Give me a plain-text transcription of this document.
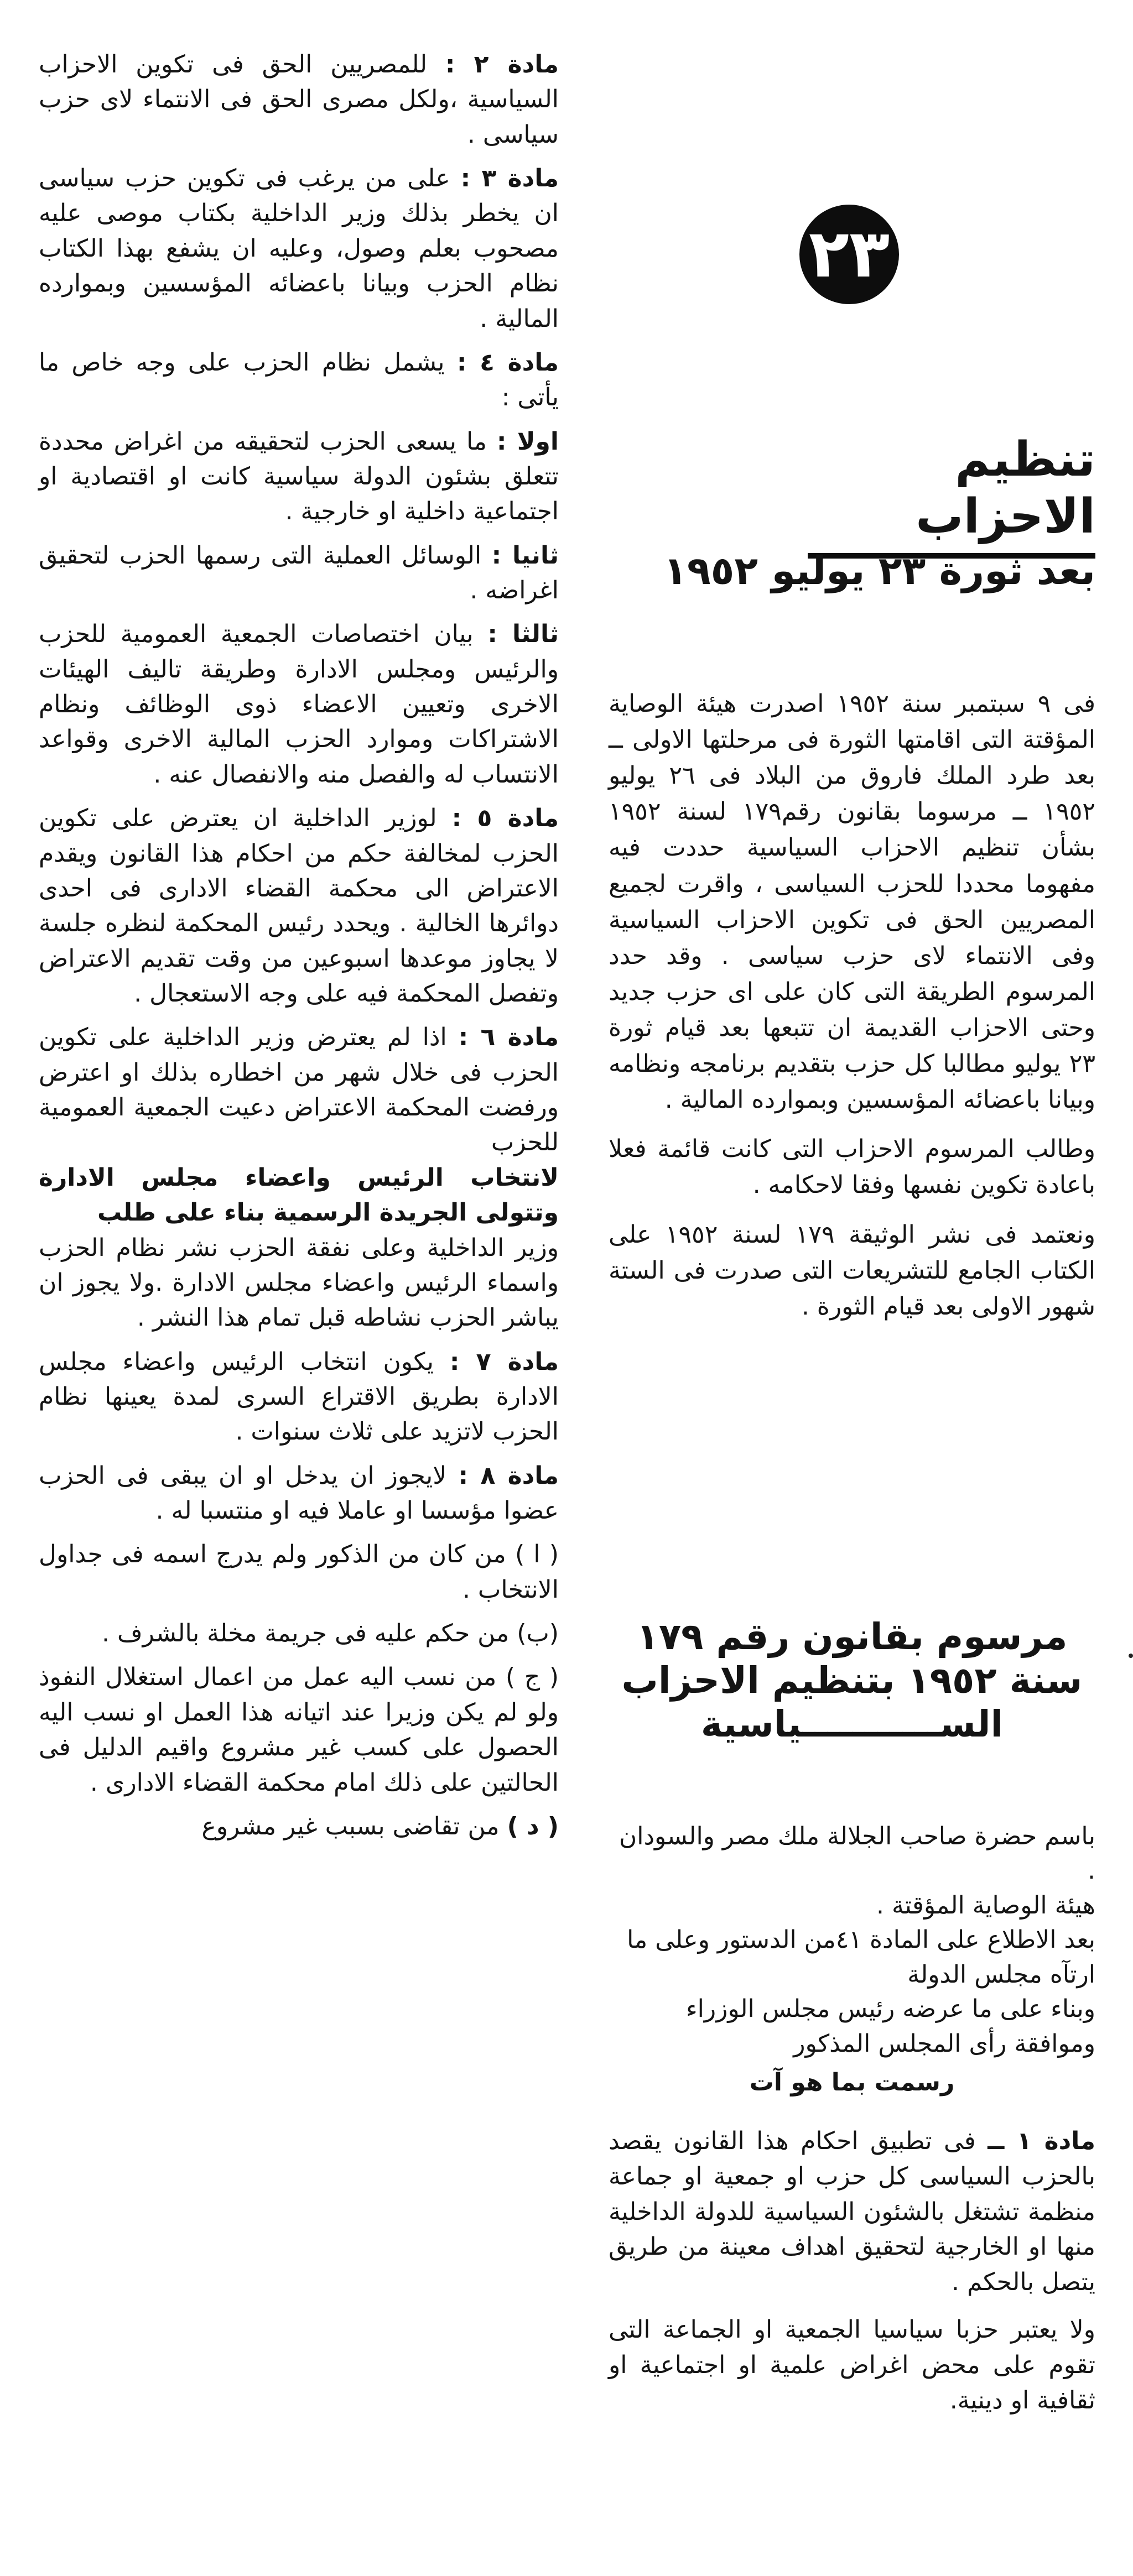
٢٣
تنظيم الاحزاب
بعد ثورة ٢٣ يوليو ١٩٥٢

فى ٩ سبتمبر سنة ١٩٥٢ اصدرت هيئة الوصاية المؤقتة التى اقامتها الثورة فى مرحلتها الاولى ــ بعد طرد الملك فاروق من البلاد فى ٢٦ يوليو ١٩٥٢ ــ مرسوما بقانون رقم١٧٩ لسنة ١٩٥٢ بشأن تنظيم الاحزاب السياسية حددت فيه مفهوما محددا للحزب السياسى ، واقرت لجميع المصريين الحق فى تكوين الاحزاب السياسية وفى الانتماء لاى حزب سياسى . وقد حدد المرسوم الطريقة التى كان على اى حزب جديد وحتى الاحزاب القديمة ان تتبعها بعد قيام ثورة ٢٣ يوليو مطالبا كل حزب بتقديم برنامجه ونظامه وبيانا باعضائه المؤسسين وبموارده المالية .

وطالب المرسوم الاحزاب التى كانت قائمة فعلا باعادة تكوين نفسها وفقا لاحكامه .

ونعتمد فى نشر الوثيقة ١٧٩ لسنة ١٩٥٢ على الكتاب الجامع للتشريعات التى صدرت فى الستة شهور الاولى بعد قيام الثورة .

مرسوم بقانون رقم ١٧٩ سنة ١٩٥٢ بتنظيم الاحزاب الســـــــــــياسية

باسم حضرة صاحب الجلالة ملك مصر والسودان .

هيئة الوصاية المؤقتة .

بعد الاطلاع على المادة ٤١من الدستور وعلى ما ارتآه مجلس الدولة

وبناء على ما عرضه رئيس مجلس الوزراء وموافقة رأى المجلس المذكور

رسمت بما هو آت

مادة ١ ــ فى تطبيق احكام هذا القانون يقصد بالحزب السياسى كل حزب او جمعية او جماعة منظمة تشتغل بالشئون السياسية للدولة الداخلية منها او الخارجية لتحقيق اهداف معينة من طريق يتصل بالحكم .

ولا يعتبر حزبا سياسيا الجمعية او الجماعة التى تقوم على محض اغراض علمية او اجتماعية او ثقافية او دينية.

مادة ٢ : للمصريين الحق فى تكوين الاحزاب السياسية ،ولكل مصرى الحق فى الانتماء لاى حزب سياسى .

مادة ٣ : على من يرغب فى تكوين حزب سياسى ان يخطر بذلك وزير الداخلية بكتاب موصى عليه مصحوب بعلم وصول، وعليه ان يشفع بهذا الكتاب نظام الحزب وبيانا باعضائه المؤسسين وبموارده المالية .

مادة ٤ : يشمل نظام الحزب على وجه خاص ما يأتى :

اولا : ما يسعى الحزب لتحقيقه من اغراض محددة تتعلق بشئون الدولة سياسية كانت او اقتصادية او اجتماعية داخلية او خارجية .

ثانيا : الوسائل العملية التى رسمها الحزب لتحقيق اغراضه .

ثالثا : بيان اختصاصات الجمعية العمومية للحزب والرئيس ومجلس الادارة وطريقة تاليف الهيئات الاخرى وتعيين الاعضاء ذوى الوظائف ونظام الاشتراكات وموارد الحزب المالية الاخرى وقواعد الانتساب له والفصل منه والانفصال عنه .

مادة ٥ : لوزير الداخلية ان يعترض على تكوين الحزب لمخالفة حكم من احكام هذا القانون ويقدم الاعتراض الى محكمة القضاء الادارى فى احدى دوائرها الخالية . ويحدد رئيس المحكمة لنظره جلسة لا يجاوز موعدها اسبوعين من وقت تقديم الاعتراض وتفصل المحكمة فيه على وجه الاستعجال .

مادة ٦ : اذا لم يعترض وزير الداخلية على تكوين الحزب فى خلال شهر من اخطاره بذلك او اعترض ورفضت المحكمة الاعتراض دعيت الجمعية العمومية للحزب

لانتخاب الرئيس واعضاء مجلس الادارة وتتولى الجريدة الرسمية بناء على طلب

وزير الداخلية وعلى نفقة الحزب نشر نظام الحزب واسماء الرئيس واعضاء مجلس الادارة .ولا يجوز ان يباشر الحزب نشاطه قبل تمام هذا النشر .

مادة ٧ : يكون انتخاب الرئيس واعضاء مجلس الادارة بطريق الاقتراع السرى لمدة يعينها نظام الحزب لاتزيد على ثلاث سنوات .

مادة ٨ : لايجوز ان يدخل او ان يبقى فى الحزب عضوا مؤسسا او عاملا فيه او منتسبا له .

( ا ) من كان من الذكور ولم يدرج اسمه فى جداول الانتخاب .

(ب) من حكم عليه فى جريمة مخلة بالشرف .

( ج ) من نسب اليه عمل من اعمال استغلال النفوذ ولو لم يكن وزيرا عند اتيانه هذا العمل او نسب اليه الحصول على كسب غير مشروع واقيم الدليل فى الحالتين على ذلك امام محكمة القضاء الادارى .

( د ) من تقاضى بسبب غير مشروع
